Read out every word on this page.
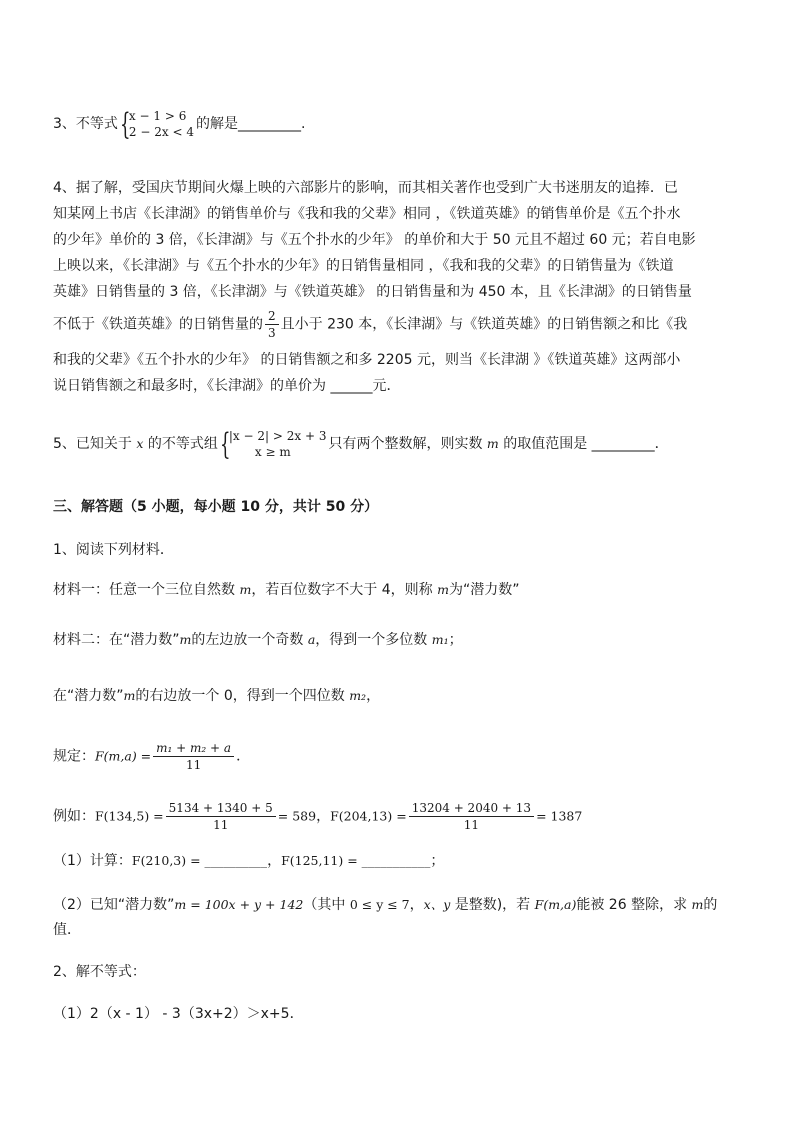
3、不等式 {
x − 1 > 6
2 − 2x < 4 的解是_________.
4、据了解，受国庆节期间火爆上映的六部影片的影响，而其相关著作也受到广大书迷朋友的追捧．已
知某网上书店《长津湖》的销售单价与《我和我的父辈》相同 ，《铁道英雄》的销售单价是《五个扑水
的少年》单价的 3 倍，《长津湖》与《五个扑水的少年》 的单价和大于 50 元且不超过 60 元；若自电影
上映以来，《长津湖》与《五个扑水的少年》的日销售量相同 ，《我和我的父辈》的日销售量为《铁道
英雄》日销售量的 3 倍，《长津湖》与《铁道英雄》 的日销售量和为 450 本，且《长津湖》的日销售量
不低于《铁道英雄》的日销售量的 $\frac{2}{3}$ 且小于 230 本，《长津湖》与《铁道英雄》的日销售额之和比《我
和我的父辈》《五个扑水的少年》 的日销售额之和多 2205 元，则当《长津湖 》《铁道英雄》这两部小
说日销售额之和最多时，《长津湖》的单价为 ______元．
5、已知关于 x 的不等式组 {
|x − 2| > 2x + 3
x ≥ m	只有两个整数解，则实数 m 的取值范围是 _________．
三、解答题（5 小题，每小题 10 分，共计 50 分）
1、阅读下列材料．
材料一：任意一个三位自然数 m，若百位数字不大于 4，则称 m为“潜力数”
材料二：在“潜力数”m的左边放一个奇数 a，得到一个多位数 m₁；
在“潜力数”m的右边放一个 0，得到一个四位数 m₂，
规定：$F(m,a) = \frac{\text{m₁ + m₂ + a}}{11}$ ．
例如：$F(134,5) = \frac{5134 + 1340 + 5}{11} = 589$，$F(204,13) = \frac{13204 + 2040 + 13}{11} = 1387$
（1）计算：F(210,3) = __________，F(125,11) = ___________；
（2）已知“潜力数”m = 100x + y + 142（其中 0 ≤ y ≤ 7，x、y 是整数)，若 F(m,a)能被 26 整除，求 m的
值．
2、解不等式：
（1）2（x - 1） - 3（3x+2）＞x+5．
